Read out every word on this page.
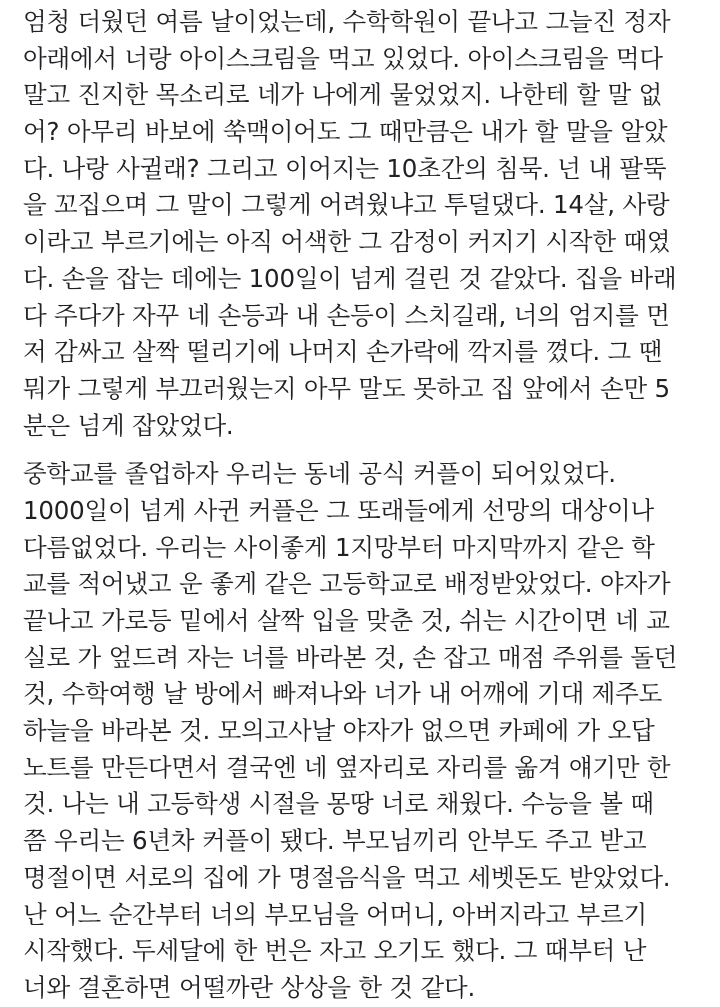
엄청 더웠던 여름 날이었는데, 수학학원이 끝나고 그늘진 정자
아래에서 너랑 아이스크림을 먹고 있었다. 아이스크림을 먹다
말고 진지한 목소리로 네가 나에게 물었었지. 나한테 할 말 없
어? 아무리 바보에 쑥맥이어도 그 때만큼은 내가 할 말을 알았
다. 나랑 사귈래? 그리고 이어지는 10초간의 침묵. 넌 내 팔뚝
을 꼬집으며 그 말이 그렇게 어려웠냐고 투덜댔다. 14살, 사랑
이라고 부르기에는 아직 어색한 그 감정이 커지기 시작한 때였
다. 손을 잡는 데에는 100일이 넘게 걸린 것 같았다. 집을 바래
다 주다가 자꾸 네 손등과 내 손등이 스치길래, 너의 엄지를 먼
저 감싸고 살짝 떨리기에 나머지 손가락에 깍지를 꼈다. 그 땐
뭐가 그렇게 부끄러웠는지 아무 말도 못하고 집 앞에서 손만 5
분은 넘게 잡았었다.
중학교를 졸업하자 우리는 동네 공식 커플이 되어있었다.
1000일이 넘게 사귄 커플은 그 또래들에게 선망의 대상이나
다름없었다. 우리는 사이좋게 1지망부터 마지막까지 같은 학
교를 적어냈고 운 좋게 같은 고등학교로 배정받았었다. 야자가
끝나고 가로등 밑에서 살짝 입을 맞춘 것, 쉬는 시간이면 네 교
실로 가 엎드려 자는 너를 바라본 것, 손 잡고 매점 주위를 돌던
것, 수학여행 날 방에서 빠져나와 너가 내 어깨에 기대 제주도
하늘을 바라본 것. 모의고사날 야자가 없으면 카페에 가 오답
노트를 만든다면서 결국엔 네 옆자리로 자리를 옮겨 얘기만 한
것. 나는 내 고등학생 시절을 몽땅 너로 채웠다. 수능을 볼 때
쯤 우리는 6년차 커플이 됐다. 부모님끼리 안부도 주고 받고
명절이면 서로의 집에 가 명절음식을 먹고 세벳돈도 받았었다.
난 어느 순간부터 너의 부모님을 어머니, 아버지라고 부르기
시작했다. 두세달에 한 번은 자고 오기도 했다. 그 때부터 난
너와 결혼하면 어떨까란 상상을 한 것 같다.
